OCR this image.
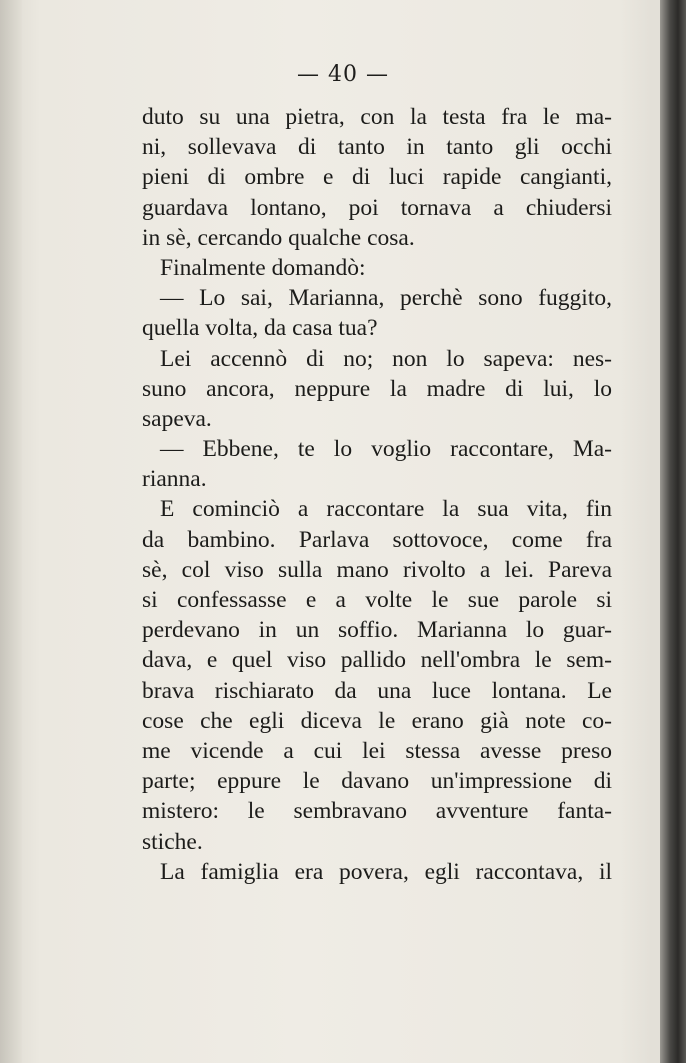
— 40 —
duto su una pietra, con la testa fra le ma-
ni, sollevava di tanto in tanto gli occhi
pieni di ombre e di luci rapide cangianti,
guardava lontano, poi tornava a chiudersi
in sè, cercando qualche cosa.
Finalmente domandò:
— Lo sai, Marianna, perchè sono fuggito,
quella volta, da casa tua?
Lei accennò di no; non lo sapeva: nes-
suno ancora, neppure la madre di lui, lo
sapeva.
— Ebbene, te lo voglio raccontare, Ma-
rianna.
E cominciò a raccontare la sua vita, fin
da bambino. Parlava sottovoce, come fra
sè, col viso sulla mano rivolto a lei. Pareva
si confessasse e a volte le sue parole si
perdevano in un soffio. Marianna lo guar-
dava, e quel viso pallido nell'ombra le sem-
brava rischiarato da una luce lontana. Le
cose che egli diceva le erano già note co-
me vicende a cui lei stessa avesse preso
parte; eppure le davano un'impressione di
mistero: le sembravano avventure fanta-
stiche.
La famiglia era povera, egli raccontava, il
